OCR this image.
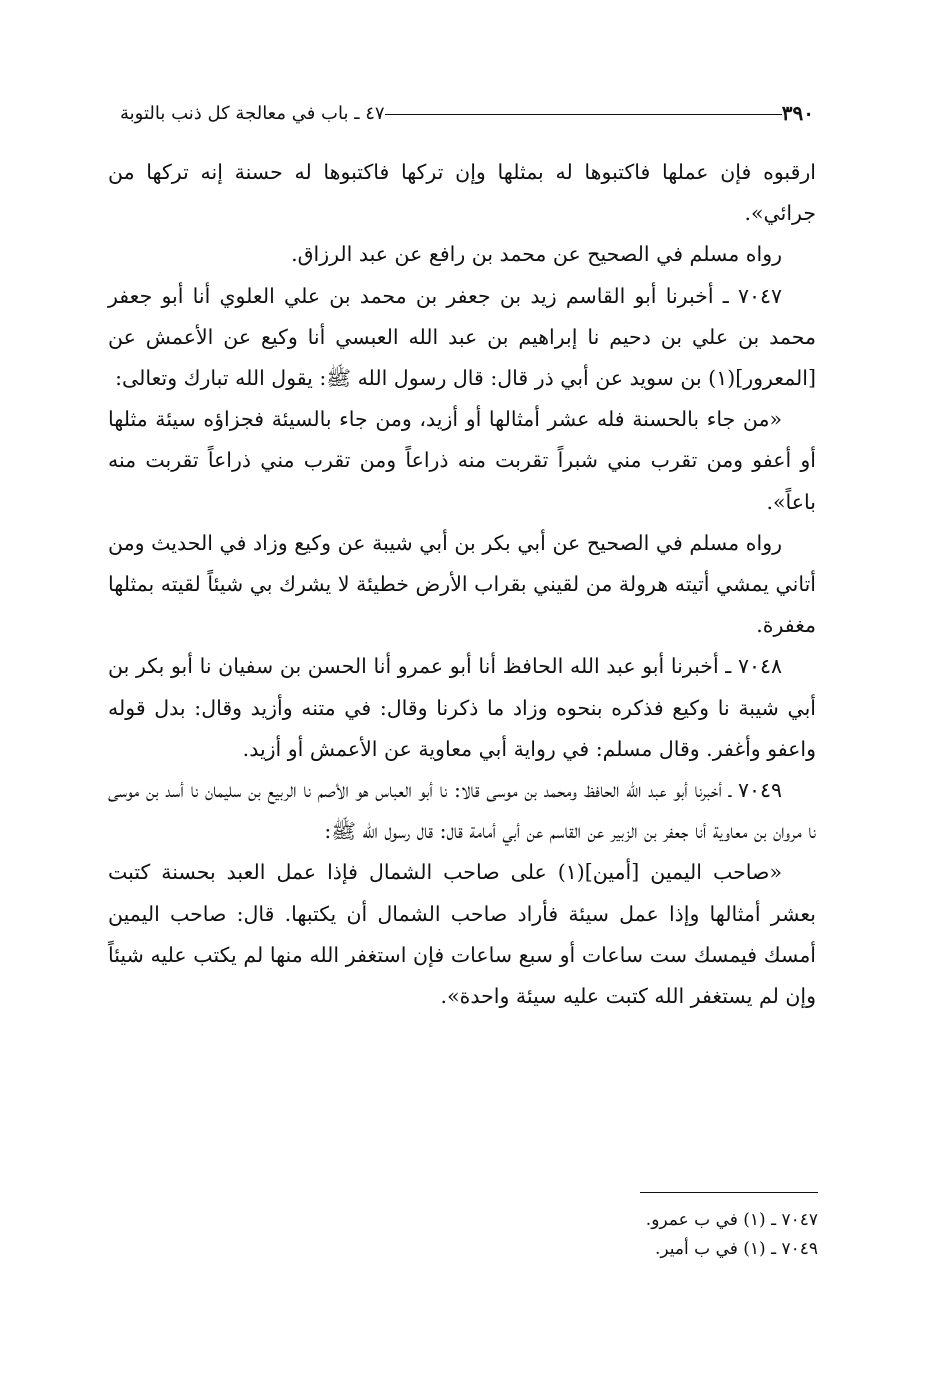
٣٩٠
٤٧ ـ باب في معالجة كل ذنب بالتوبة

ارقبوه فإن عملها فاكتبوها له بمثلها وإن تركها فاكتبوها له حسنة إنه تركها من جرائي».

رواه مسلم في الصحيح عن محمد بن رافع عن عبد الرزاق.

٧٠٤٧ ـ أخبرنا أبو القاسم زيد بن جعفر بن محمد بن علي العلوي أنا أبو جعفر محمد بن علي بن دحيم نا إبراهيم بن عبد الله العبسي أنا وكيع عن الأعمش عن [المعرور](١) بن سويد عن أبي ذر قال: قال رسول الله ﷺ: يقول الله تبارك وتعالى:

«من جاء بالحسنة فله عشر أمثالها أو أزيد، ومن جاء بالسيئة فجزاؤه سيئة مثلها أو أعفو ومن تقرب مني شبراً تقربت منه ذراعاً ومن تقرب مني ذراعاً تقربت منه باعاً».

رواه مسلم في الصحيح عن أبي بكر بن أبي شيبة عن وكيع وزاد في الحديث ومن أتاني يمشي أتيته هرولة من لقيني بقراب الأرض خطيئة لا يشرك بي شيئاً لقيته بمثلها مغفرة.

٧٠٤٨ ـ أخبرنا أبو عبد الله الحافظ أنا أبو عمرو أنا الحسن بن سفيان نا أبو بكر بن أبي شيبة نا وكيع فذكره بنحوه وزاد ما ذكرنا وقال: في متنه وأزيد وقال: بدل قوله واعفو وأغفر. وقال مسلم: في رواية أبي معاوية عن الأعمش أو أزيد.

٧٠٤٩ ـ أخبرنا أبو عبد الله الحافظ ومحمد بن موسى قالا: نا أبو العباس هو الأصم نا الربيع بن سليمان نا أسد بن موسى نا مروان بن معاوية أنا جعفر بن الزبير عن القاسم عن أبي أمامة قال: قال رسول الله ﷺ:

«صاحب اليمين [أمين](١) على صاحب الشمال فإذا عمل العبد بحسنة كتبت بعشر أمثالها وإذا عمل سيئة فأراد صاحب الشمال أن يكتبها. قال: صاحب اليمين أمسك فيمسك ست ساعات أو سبع ساعات فإن استغفر الله منها لم يكتب عليه شيئاً وإن لم يستغفر الله كتبت عليه سيئة واحدة».

٧٠٤٧ ـ (١) في ب عمرو.

٧٠٤٩ ـ (١) في ب أمير.
